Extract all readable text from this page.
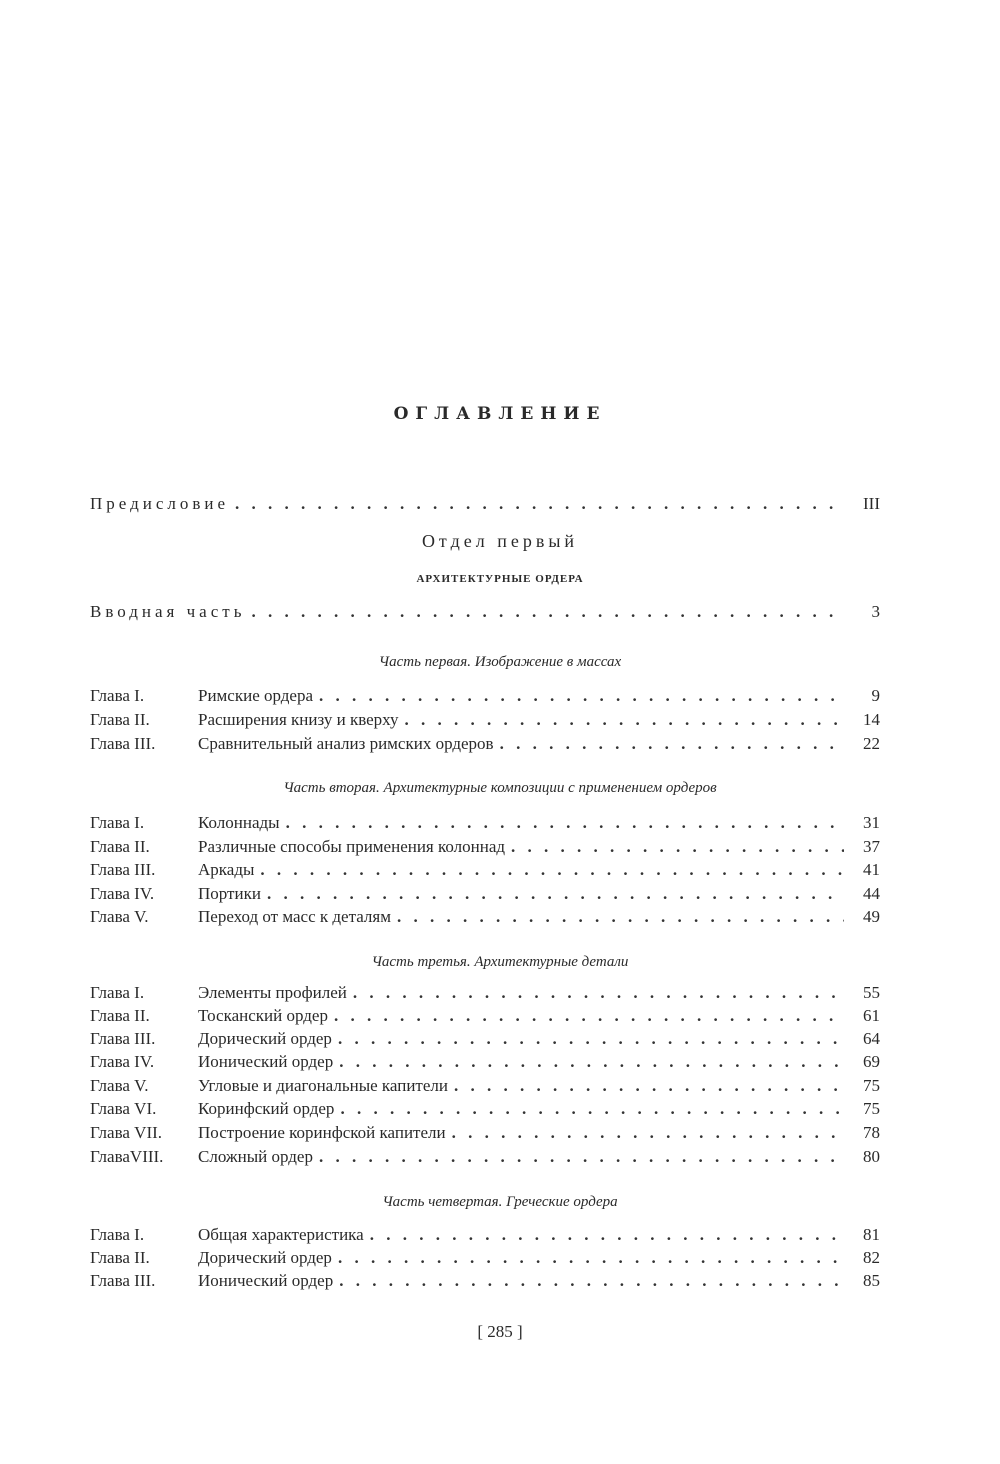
ОГЛАВЛЕНИЕ
Предисловие . . .	III
Отдел первый
АРХИТЕКТУРНЫЕ ОРДЕРА
Вводная часть . . .	3
Часть первая. Изображение в массах
Глава I.	Римские ордера . . .	9
Глава II.	Расширения книзу и кверху . . .	14
Глава III.	Сравнительный анализ римских ордеров . . .	22
Часть вторая. Архитектурные композиции с применением ордеров
Глава I.	Колоннады . . .	31
Глава II.	Различные способы применения колоннад . . .	37
Глава III.	Аркады . . .	41
Глава IV.	Портики . . .	44
Глава V.	Переход от масс к деталям . . .	49
Часть третья. Архитектурные детали
Глава I.	Элементы профилей . . .	55
Глава II.	Тосканский ордер . . .	61
Глава III.	Дорический ордер . . .	64
Глава IV.	Ионический ордер . . .	69
Глава V.	Угловые и диагональные капители . . .	75
Глава VI. Коринфский ордер . . .	75
Глава VII. Построение коринфской капители . . .	78
ГлаваVIII. Сложный ордер . . .	80
Часть четвертая. Греческие ордера
Глава I.	Общая характеристика . . .	81
Глава II.	Дорический ордер . . .	82
Глава III.	Ионический ордер . . .	85
[ 285 ]
